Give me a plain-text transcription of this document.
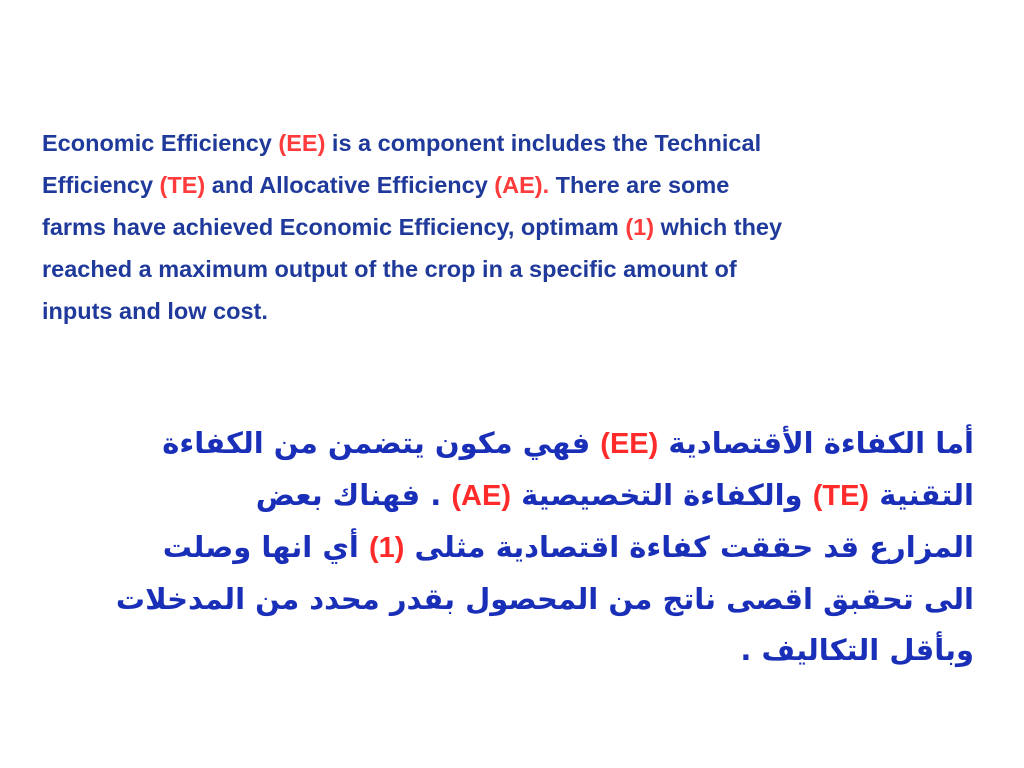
Economic Efficiency (EE) is a component includes the Technical
Efficiency (TE) and Allocative Efficiency (AE). There are some
farms have achieved Economic Efficiency, optimam (1) which they
reached a maximum output of the crop in a specific amount of
inputs and low cost.
أما الكفاءة الأقتصادية (EE) فهي مكون يتضمن من الكفاءة
التقنية (TE) والكفاءة التخصيصية (AE) . فهناك بعض
المزارع قد حققت كفاءة اقتصادية مثلى (1) أي انها وصلت
الى تحقبق اقصى ناتج من المحصول بقدر محدد من المدخلات
وبأقل التكاليف .
